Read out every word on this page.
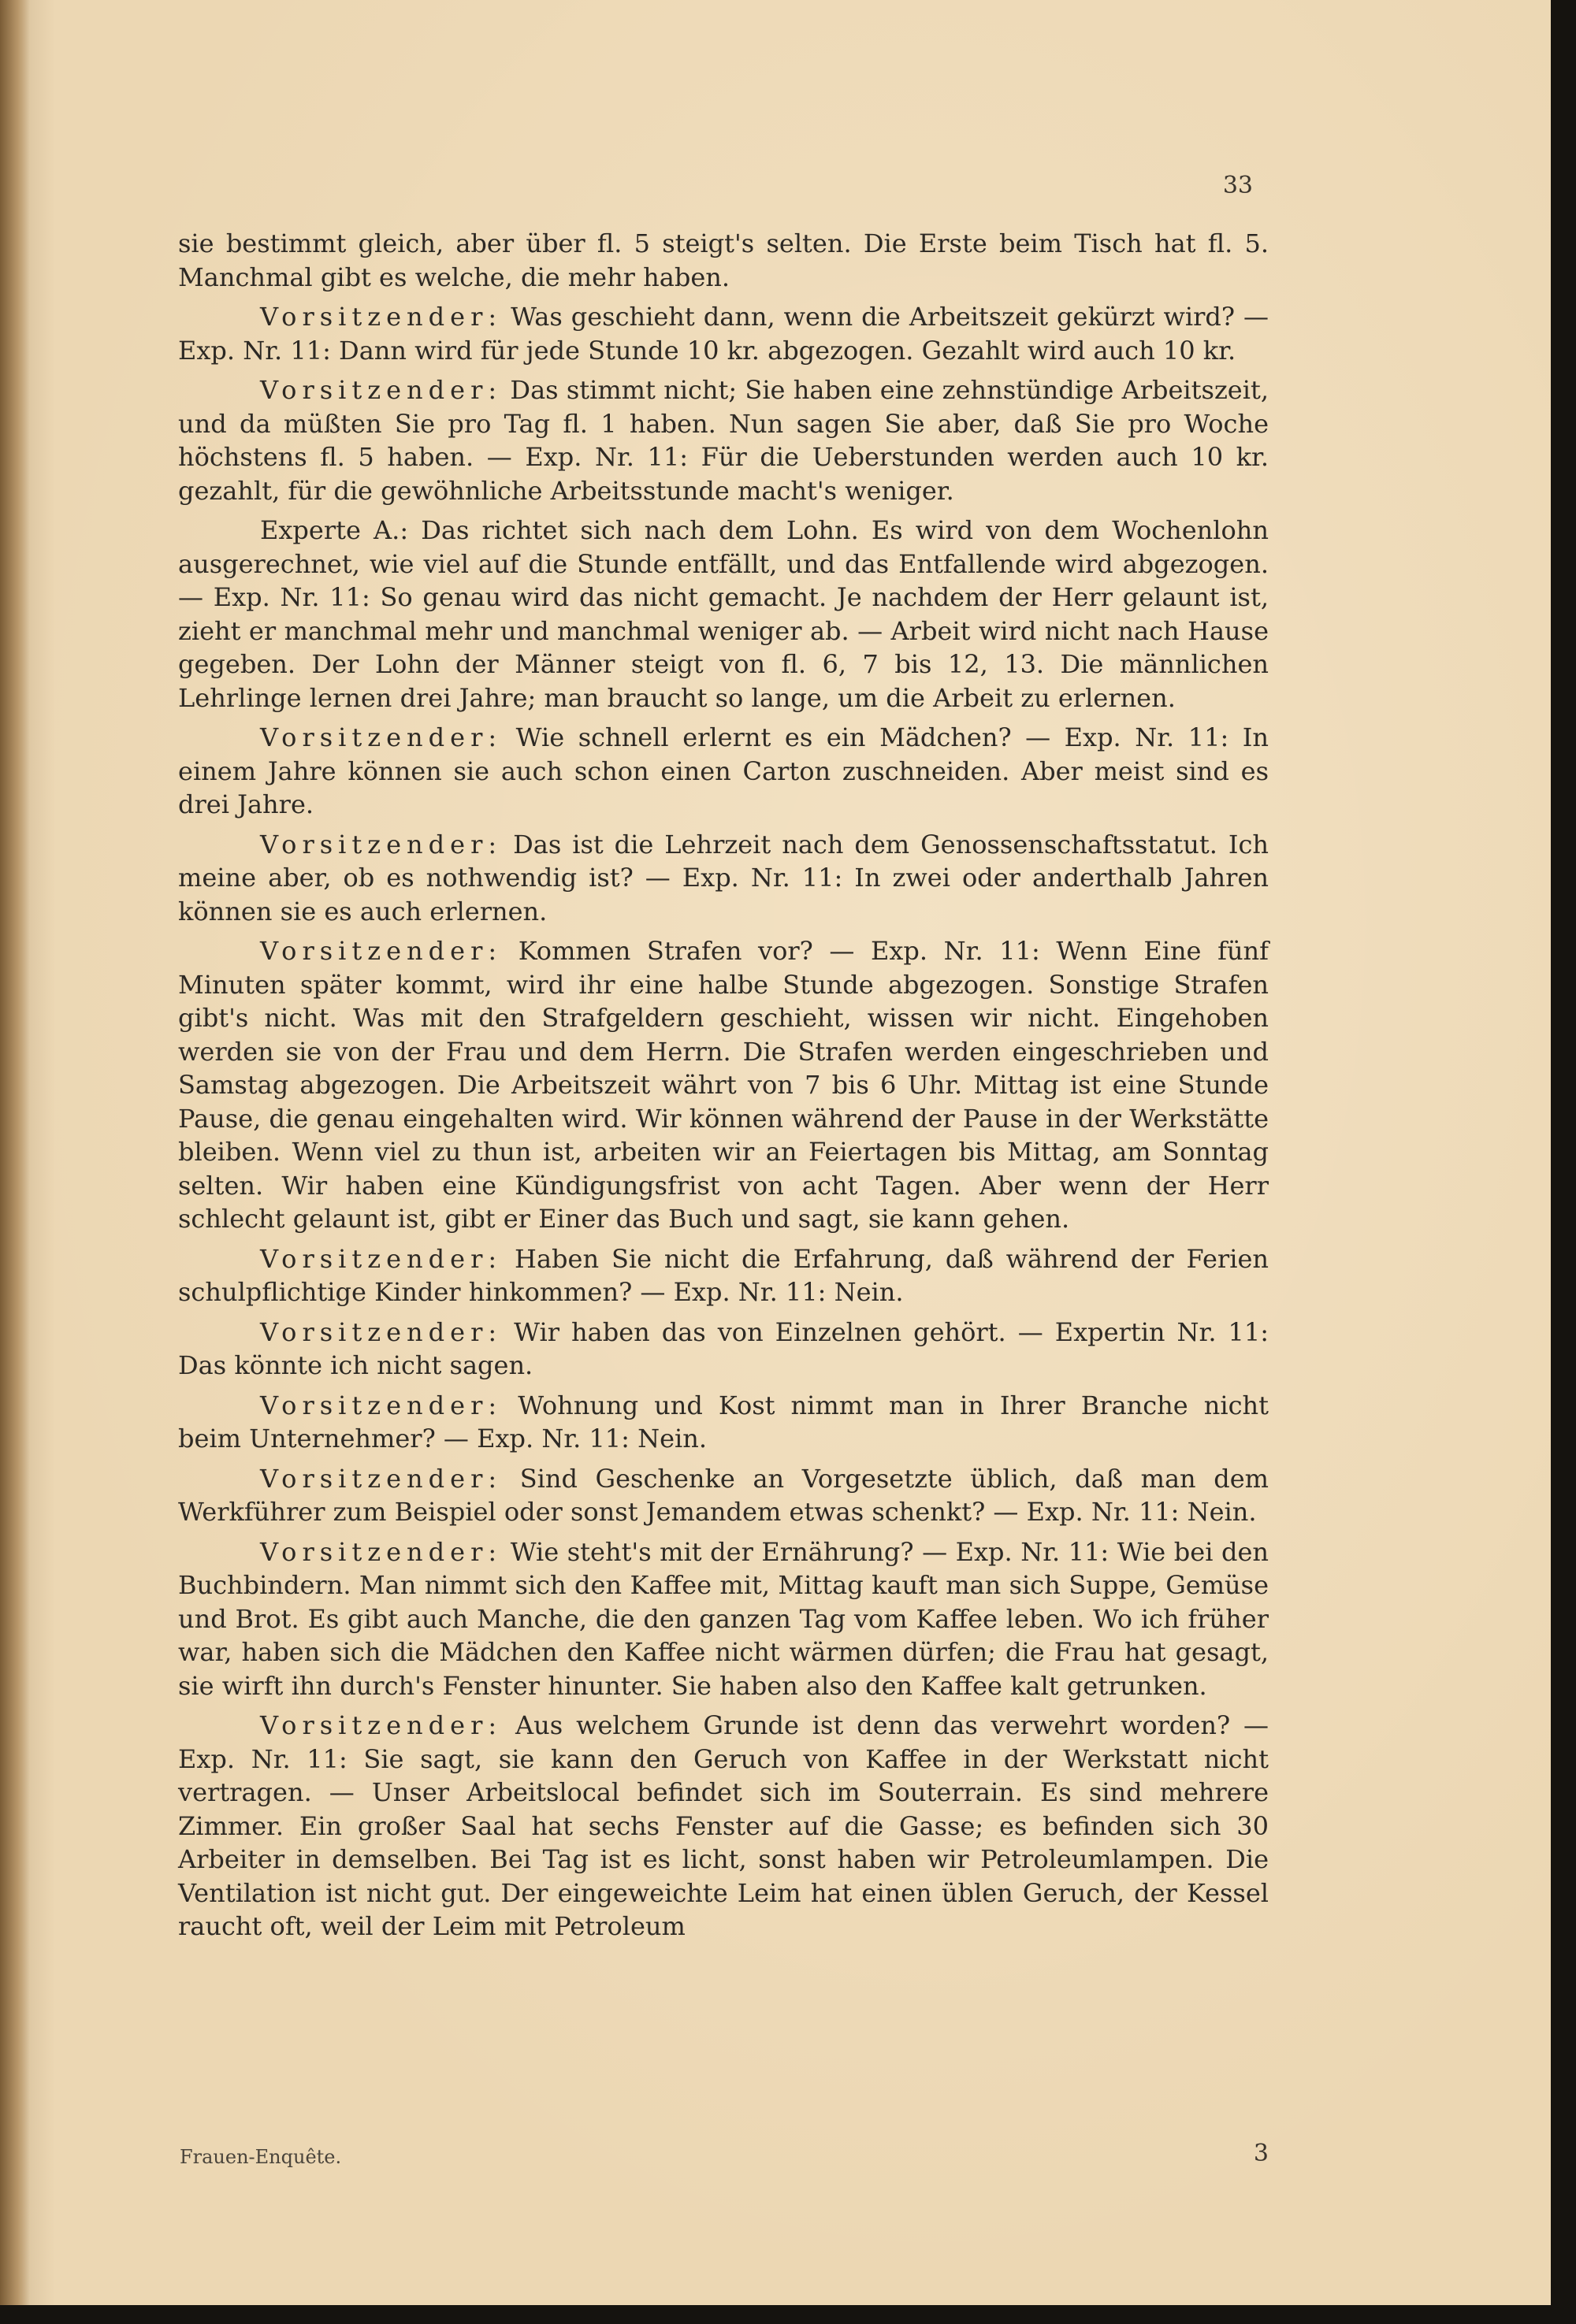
33

sie bestimmt gleich, aber über fl. 5 steigt's selten. Die Erste beim Tisch hat fl. 5. Manchmal gibt es welche, die mehr haben.

Vorsitzender: Was geschieht dann, wenn die Arbeitszeit gekürzt wird? — Exp. Nr. 11: Dann wird für jede Stunde 10 kr. abgezogen. Gezahlt wird auch 10 kr.

Vorsitzender: Das stimmt nicht; Sie haben eine zehnstündige Arbeitszeit, und da müßten Sie pro Tag fl. 1 haben. Nun sagen Sie aber, daß Sie pro Woche höchstens fl. 5 haben. — Exp. Nr. 11: Für die Ueberstunden werden auch 10 kr. gezahlt, für die gewöhnliche Arbeitsstunde macht's weniger.

Experte A.: Das richtet sich nach dem Lohn. Es wird von dem Wochenlohn ausgerechnet, wie viel auf die Stunde entfällt, und das Entfallende wird abgezogen. — Exp. Nr. 11: So genau wird das nicht gemacht. Je nachdem der Herr gelaunt ist, zieht er manchmal mehr und manchmal weniger ab. — Arbeit wird nicht nach Hause gegeben. Der Lohn der Männer steigt von fl. 6, 7 bis 12, 13. Die männlichen Lehrlinge lernen drei Jahre; man braucht so lange, um die Arbeit zu erlernen.

Vorsitzender: Wie schnell erlernt es ein Mädchen? — Exp. Nr. 11: In einem Jahre können sie auch schon einen Carton zuschneiden. Aber meist sind es drei Jahre.

Vorsitzender: Das ist die Lehrzeit nach dem Genossenschaftsstatut. Ich meine aber, ob es nothwendig ist? — Exp. Nr. 11: In zwei oder anderthalb Jahren können sie es auch erlernen.

Vorsitzender: Kommen Strafen vor? — Exp. Nr. 11: Wenn Eine fünf Minuten später kommt, wird ihr eine halbe Stunde abgezogen. Sonstige Strafen gibt's nicht. Was mit den Strafgeldern geschieht, wissen wir nicht. Eingehoben werden sie von der Frau und dem Herrn. Die Strafen werden eingeschrieben und Samstag abgezogen. Die Arbeitszeit währt von 7 bis 6 Uhr. Mittag ist eine Stunde Pause, die genau eingehalten wird. Wir können während der Pause in der Werkstätte bleiben. Wenn viel zu thun ist, arbeiten wir an Feiertagen bis Mittag, am Sonntag selten. Wir haben eine Kündigungsfrist von acht Tagen. Aber wenn der Herr schlecht gelaunt ist, gibt er Einer das Buch und sagt, sie kann gehen.

Vorsitzender: Haben Sie nicht die Erfahrung, daß während der Ferien schulpflichtige Kinder hinkommen? — Exp. Nr. 11: Nein.

Vorsitzender: Wir haben das von Einzelnen gehört. — Expertin Nr. 11: Das könnte ich nicht sagen.

Vorsitzender: Wohnung und Kost nimmt man in Ihrer Branche nicht beim Unternehmer? — Exp. Nr. 11: Nein.

Vorsitzender: Sind Geschenke an Vorgesetzte üblich, daß man dem Werkführer zum Beispiel oder sonst Jemandem etwas schenkt? — Exp. Nr. 11: Nein.

Vorsitzender: Wie steht's mit der Ernährung? — Exp. Nr. 11: Wie bei den Buchbindern. Man nimmt sich den Kaffee mit, Mittag kauft man sich Suppe, Gemüse und Brot. Es gibt auch Manche, die den ganzen Tag vom Kaffee leben. Wo ich früher war, haben sich die Mädchen den Kaffee nicht wärmen dürfen; die Frau hat gesagt, sie wirft ihn durch's Fenster hinunter. Sie haben also den Kaffee kalt getrunken.

Vorsitzender: Aus welchem Grunde ist denn das verwehrt worden? — Exp. Nr. 11: Sie sagt, sie kann den Geruch von Kaffee in der Werkstatt nicht vertragen. — Unser Arbeitslocal befindet sich im Souterrain. Es sind mehrere Zimmer. Ein großer Saal hat sechs Fenster auf die Gasse; es befinden sich 30 Arbeiter in demselben. Bei Tag ist es licht, sonst haben wir Petroleumlampen. Die Ventilation ist nicht gut. Der eingeweichte Leim hat einen üblen Geruch, der Kessel raucht oft, weil der Leim mit Petroleum

Frauen-Enquête.	3
